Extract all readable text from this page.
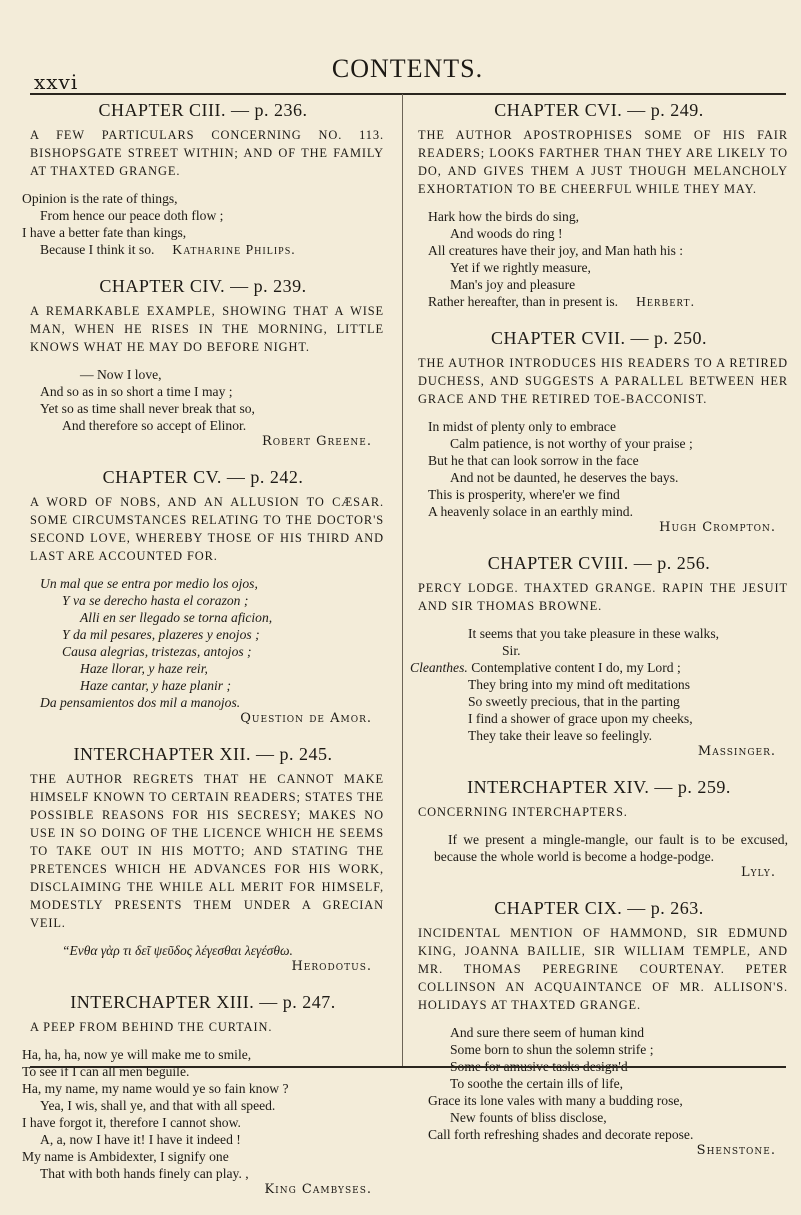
xxvi	CONTENTS.
CHAPTER CIII. — p. 236.

A FEW PARTICULARS CONCERNING NO. 113. BISHOPSGATE STREET WITHIN; AND OF THE FAMILY AT THAXTED GRANGE.

Opinion is the rate of things,
From hence our peace doth flow ;
I have a better fate than kings,
Because I think it so. Katharine Philips.
CHAPTER CIV. — p. 239.

A REMARKABLE EXAMPLE, SHOWING THAT A WISE MAN, WHEN HE RISES IN THE MORNING, LITTLE KNOWS WHAT HE MAY DO BEFORE NIGHT.

— Now I love,
And so as in so short a time I may ;
Yet so as time shall never break that so,
And therefore so accept of Elinor.
Robert Greene.
CHAPTER CV. — p. 242.

A WORD OF NOBS, AND AN ALLUSION TO CÆSAR. SOME CIRCUMSTANCES RELATING TO THE DOCTOR'S SECOND LOVE, WHEREBY THOSE OF HIS THIRD AND LAST ARE ACCOUNTED FOR.

Un mal que se entra por medio los ojos,
Y va se derecho hasta el corazon ;
Alli en ser llegado se torna aficion,
Y da mil pesares, plazeres y enojos ;
Causa alegrias, tristezas, antojos ;
Haze llorar, y haze reir,
Haze cantar, y haze planir ;
Da pensamientos dos mil a manojos.
Question de Amor.
INTERCHAPTER XII. — p. 245.

THE AUTHOR REGRETS THAT HE CANNOT MAKE HIMSELF KNOWN TO CERTAIN READERS; STATES THE POSSIBLE REASONS FOR HIS SECRESY; MAKES NO USE IN SO DOING OF THE LICENCE WHICH HE SEEMS TO TAKE OUT IN HIS MOTTO; AND STATING THE PRETENCES WHICH HE ADVANCES FOR HIS WORK, DISCLAIMING THE WHILE ALL MERIT FOR HIMSELF, MODESTLY PRESENTS THEM UNDER A GRECIAN VEIL.

“Ενθα γὰρ τι δεῖ ψεῦδος λέγεσθαι λεγέσθω.
Herodotus.
INTERCHAPTER XIII. — p. 247.

A PEEP FROM BEHIND THE CURTAIN.

Ha, ha, ha, now ye will make me to smile,
To see if I can all men beguile.
Ha, my name, my name would ye so fain know ?
Yea, I wis, shall ye, and that with all speed.
I have forgot it, therefore I cannot show.
A, a, now I have it! I have it indeed !
My name is Ambidexter, I signify one
That with both hands finely can play. ,
King Cambyses.
CHAPTER CVI. — p. 249.

THE AUTHOR APOSTROPHISES SOME OF HIS FAIR READERS; LOOKS FARTHER THAN THEY ARE LIKELY TO DO, AND GIVES THEM A JUST THOUGH MELANCHOLY EXHORTATION TO BE CHEERFUL WHILE THEY MAY.

Hark how the birds do sing,
And woods do ring !
All creatures have their joy, and Man hath his :
Yet if we rightly measure,
Man's joy and pleasure
Rather hereafter, than in present is. Herbert.
CHAPTER CVII. — p. 250.

THE AUTHOR INTRODUCES HIS READERS TO A RETIRED DUCHESS, AND SUGGESTS A PARALLEL BETWEEN HER GRACE AND THE RETIRED TOE-BACCONIST.

In midst of plenty only to embrace
Calm patience, is not worthy of your praise ;
But he that can look sorrow in the face
And not be daunted, he deserves the bays.
This is prosperity, where'er we find
A heavenly solace in an earthly mind.
Hugh Crompton.
CHAPTER CVIII. — p. 256.

PERCY LODGE. THAXTED GRANGE. RAPIN THE JESUIT AND SIR THOMAS BROWNE.

It seems that you take pleasure in these walks,
Sir.
Cleanthes. Contemplative content I do, my Lord ;
They bring into my mind oft meditations
So sweetly precious, that in the parting
I find a shower of grace upon my cheeks,
They take their leave so feelingly.
Massinger.
INTERCHAPTER XIV. — p. 259.

CONCERNING INTERCHAPTERS.

If we present a mingle-mangle, our fault is to be excused, because the whole world is become a hodge-podge.

Lyly.
CHAPTER CIX. — p. 263.

INCIDENTAL MENTION OF HAMMOND, SIR EDMUND KING, JOANNA BAILLIE, SIR WILLIAM TEMPLE, AND MR. THOMAS PEREGRINE COURTENAY. PETER COLLINSON AN ACQUAINTANCE OF MR. ALLISON'S. HOLIDAYS AT THAXTED GRANGE.

And sure there seem of human kind
Some born to shun the solemn strife ;
Some for amusive tasks design'd
To soothe the certain ills of life,
Grace its lone vales with many a budding rose,
New founts of bliss disclose,
Call forth refreshing shades and decorate repose.
Shenstone.
